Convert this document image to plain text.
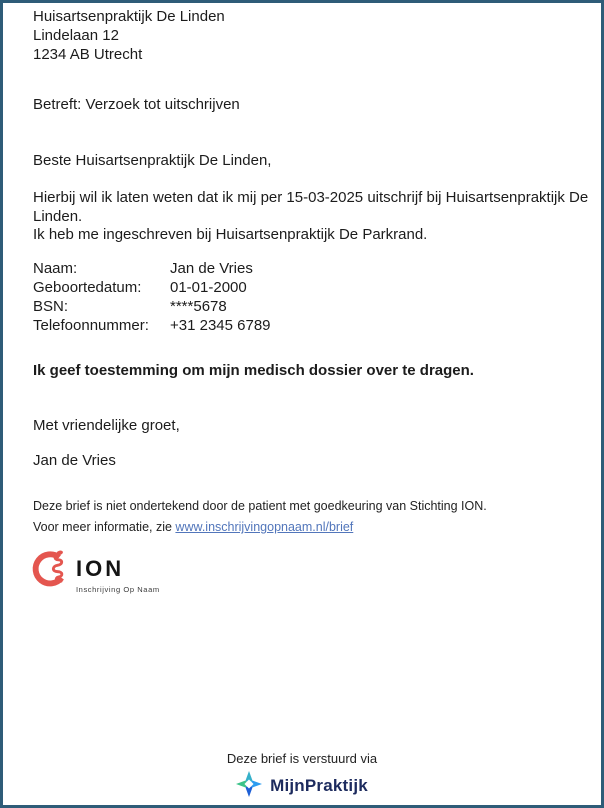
Huisartsenpraktijk De Linden
Lindelaan 12
1234 AB Utrecht
Betreft: Verzoek tot uitschrijven
Beste Huisartsenpraktijk De Linden,
Hierbij wil ik laten weten dat ik mij per 15-03-2025 uitschrijf bij Huisartsenpraktijk De Linden.
Ik heb me ingeschreven bij Huisartsenpraktijk De Parkrand.
Naam:	Jan de Vries
Geboortedatum:	01-01-2000
BSN:	****5678
Telefoonnummer:	+31 2345 6789
Ik geef toestemming om mijn medisch dossier over te dragen.
Met vriendelijke groet,
Jan de Vries
Deze brief is niet ondertekend door de patient met goedkeuring van Stichting ION.
Voor meer informatie, zie www.inschrijvingopnaam.nl/brief
ION
Inschrijving Op Naam
Deze brief is verstuurd via
MijnPraktijk
